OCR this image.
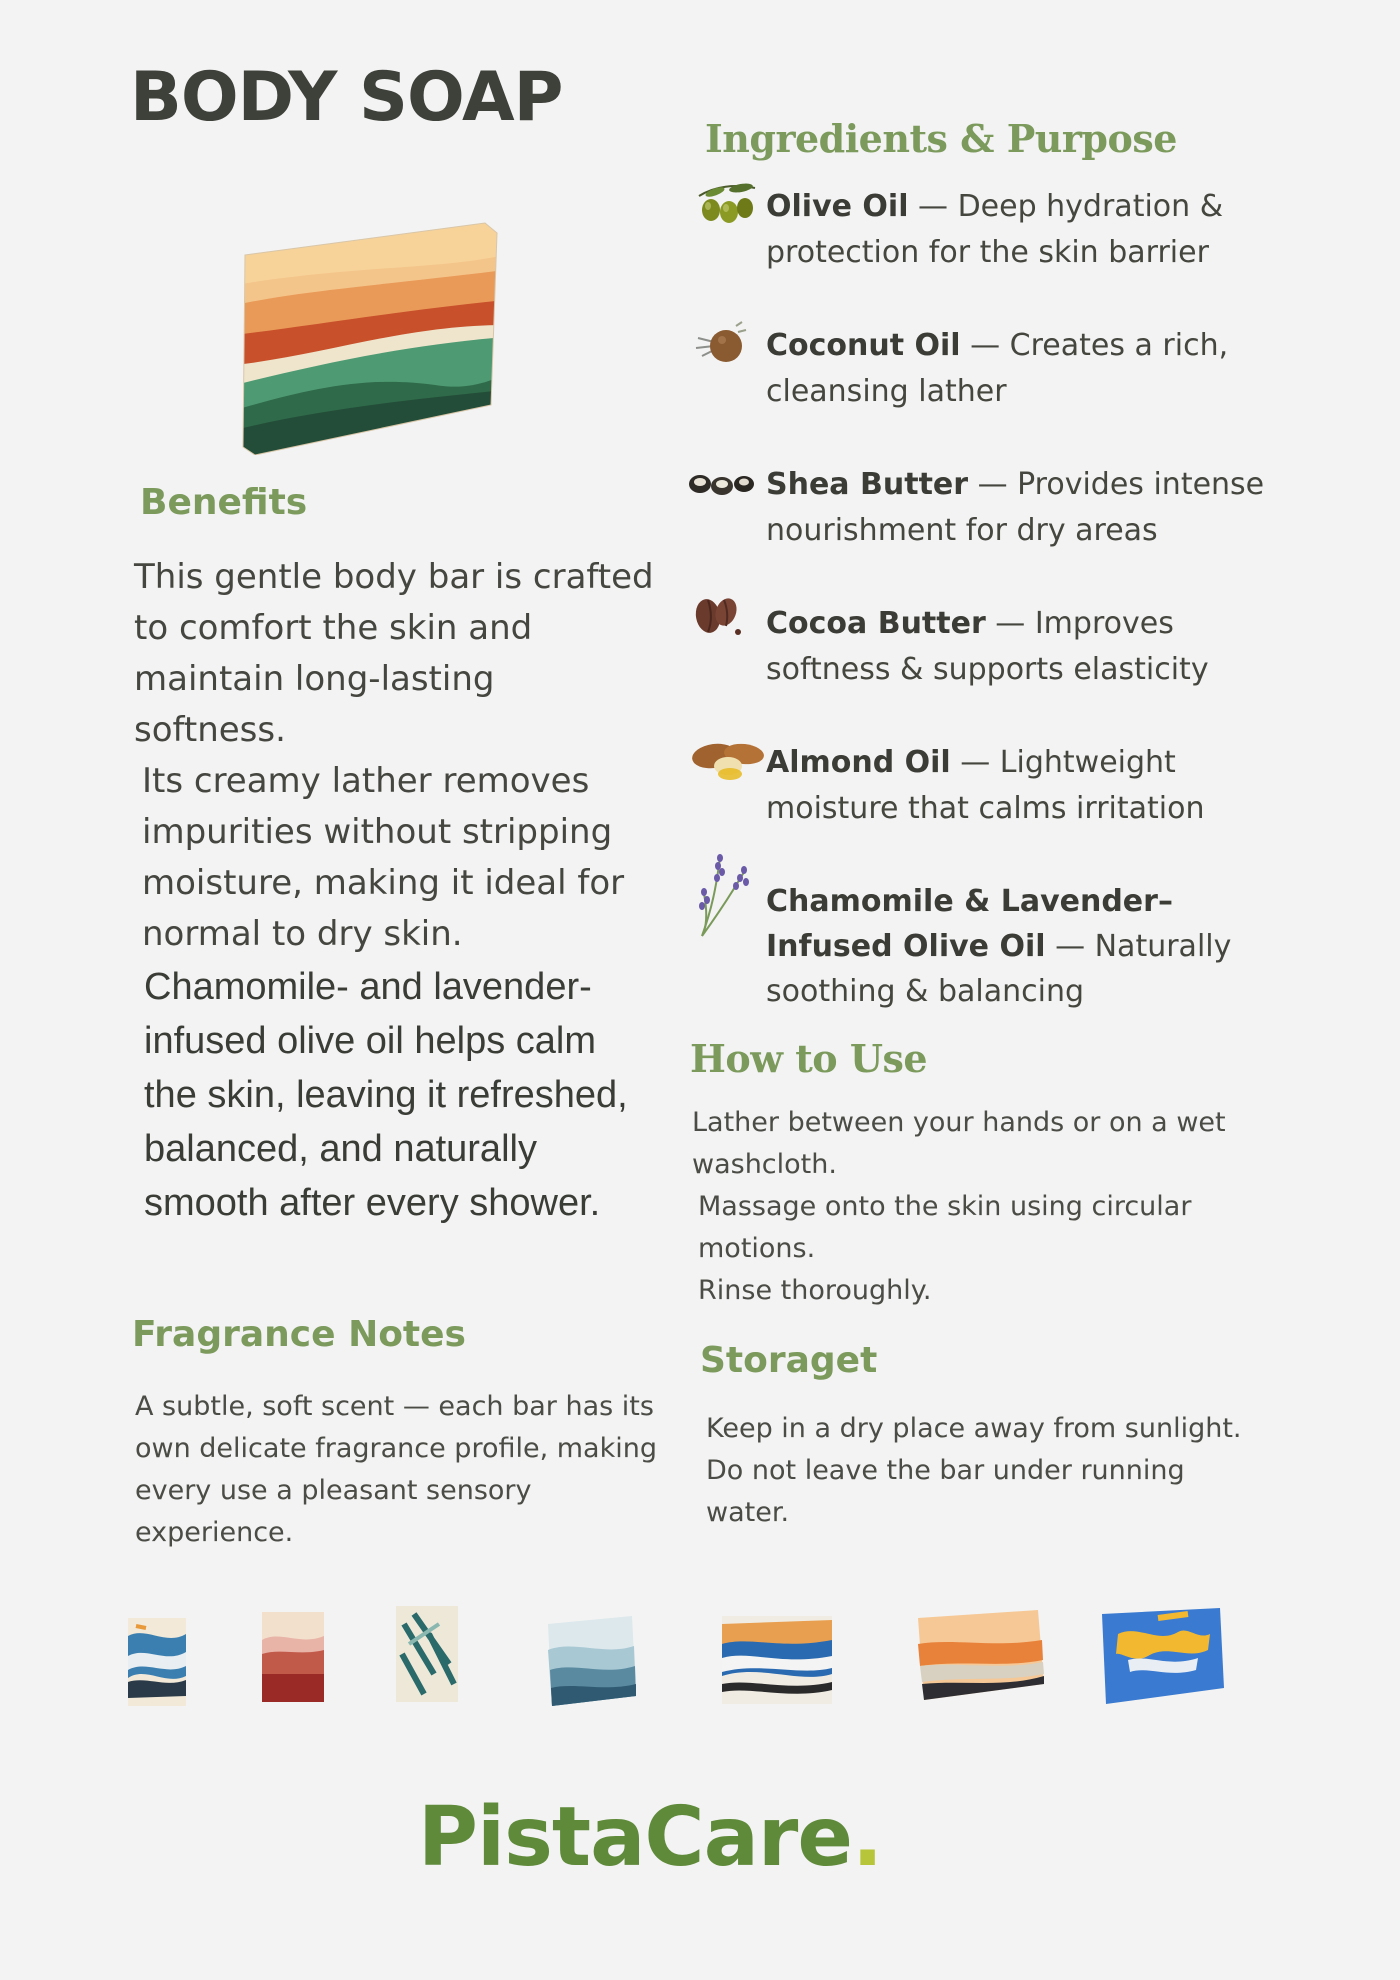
BODY SOAP
Benefits
This gentle body bar is crafted to comfort the skin and maintain long-lasting softness.
Its creamy lather removes impurities without stripping moisture, making it ideal for normal to dry skin.
Chamomile- and lavender-infused olive oil helps calm the skin, leaving it refreshed, balanced, and naturally smooth after every shower.
Fragrance Notes
A subtle, soft scent — each bar has its own delicate fragrance profile, making every use a pleasant sensory experience.
Ingredients & Purpose
Olive Oil — Deep hydration & protection for the skin barrier
Coconut Oil — Creates a rich, cleansing lather
Shea Butter — Provides intense nourishment for dry areas
Cocoa Butter — Improves softness & supports elasticity
Almond Oil — Lightweight moisture that calms irritation
Chamomile & Lavender–Infused Olive Oil — Naturally soothing & balancing
How to Use
Lather between your hands or on a wet washcloth.
Massage onto the skin using circular motions.
Rinse thoroughly.
Storaget
Keep in a dry place away from sunlight.
Do not leave the bar under running water.
PistaCare.
